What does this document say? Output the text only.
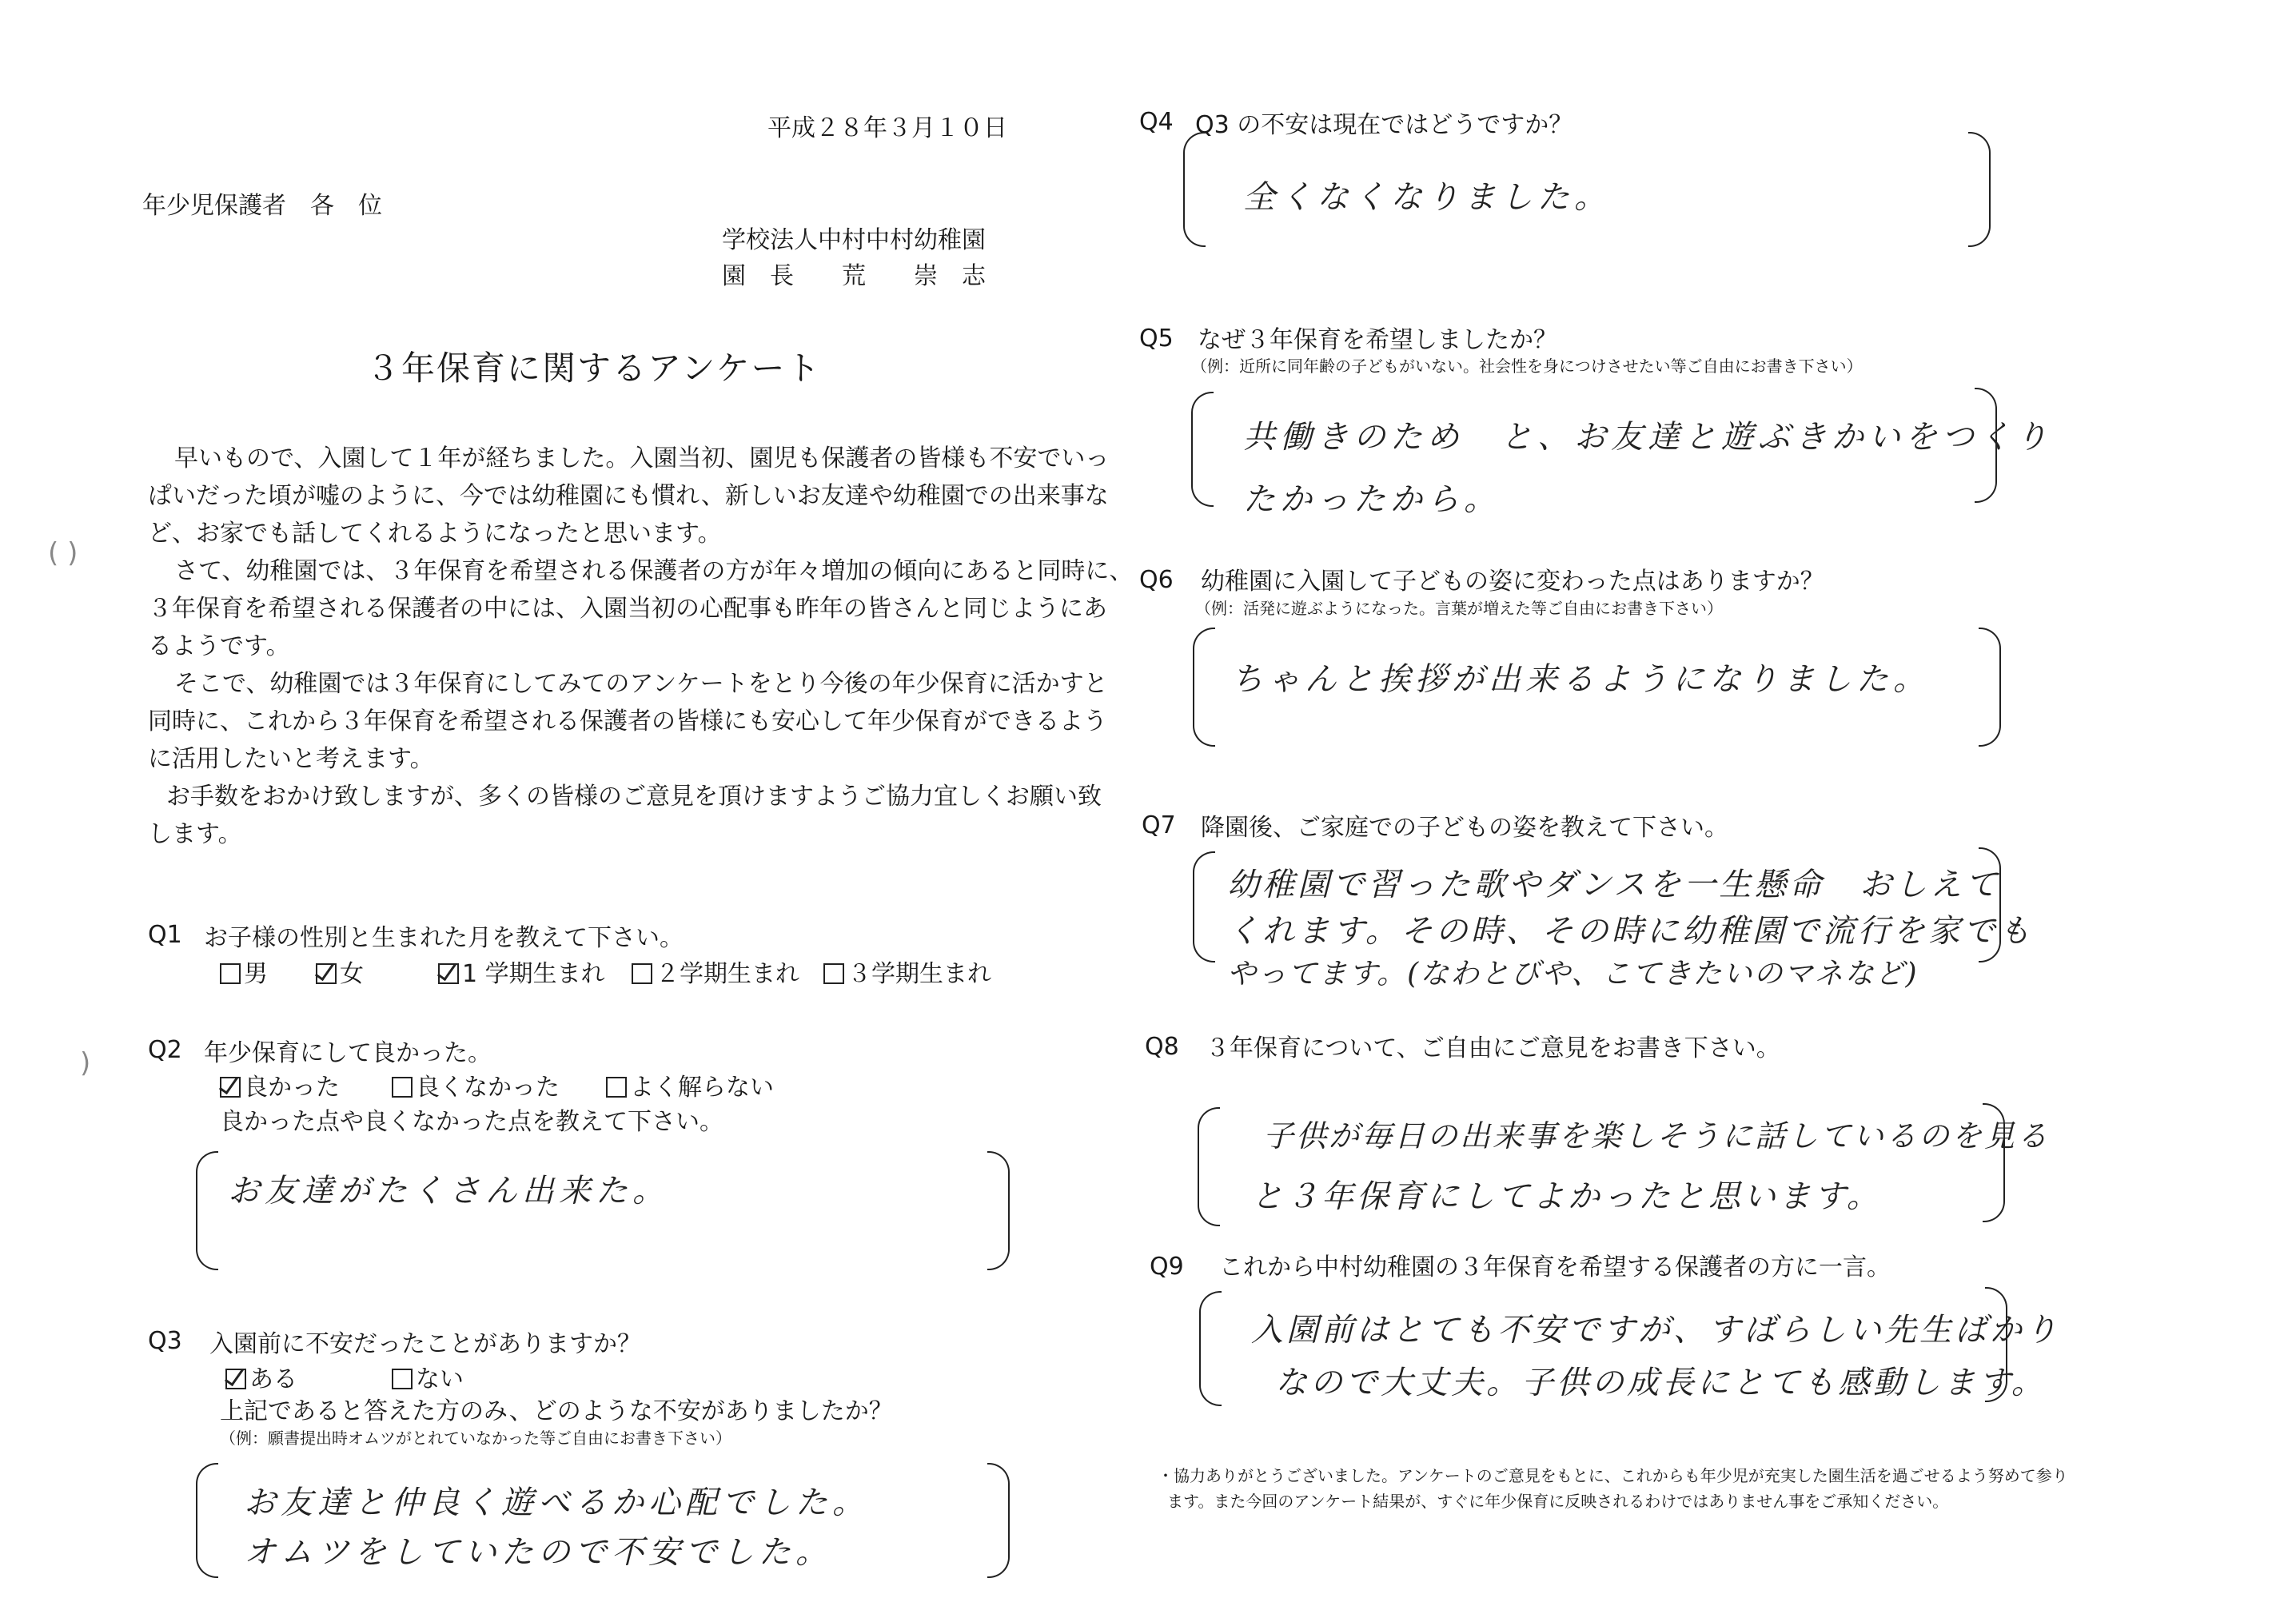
平成２８年３月１０日
年少児保護者　各　位
学校法人中村中村幼稚園
園　長　　荒　　崇　志
３年保育に関するアンケート
早いもので、入園して１年が経ちました。入園当初、園児も保護者の皆様も不安でいっ
ぱいだった頃が嘘のように、今では幼稚園にも慣れ、新しいお友達や幼稚園での出来事な
ど、お家でも話してくれるようになったと思います。
さて、幼稚園では、３年保育を希望される保護者の方が年々増加の傾向にあると同時に、
３年保育を希望される保護者の中には、入園当初の心配事も昨年の皆さんと同じようにあ
るようです。
そこで、幼稚園では３年保育にしてみてのアンケートをとり今後の年少保育に活かすと
同時に、これから３年保育を希望される保護者の皆様にも安心して年少保育ができるよう
に活用したいと考えます。
お手数をおかけ致しますが、多くの皆様のご意見を頂けますようご協力宜しくお願い致
します。
( )
)
Q1 お子様の性別と生まれた月を教えて下さい。
男	女	1 学期生まれ	２学期生まれ	３学期生まれ
Q2 年少保育にして良かった。
良かった	良くなかった	よく解らない
良かった点や良くなかった点を教えて下さい。
お友達がたくさん出来た。
Q3 入園前に不安だったことがありますか？
ある	ない
上記であると答えた方のみ、どのような不安がありましたか？
（例：願書提出時オムツがとれていなかった等ご自由にお書き下さい）
お友達と仲良く遊べるか心配でした。
オムツをしていたので不安でした。
Q4 Q3 の不安は現在ではどうですか？
全くなくなりました。
Q5 なぜ３年保育を希望しましたか？
（例：近所に同年齢の子どもがいない。社会性を身につけさせたい等ご自由にお書き下さい）
共働きのため　と、お友達と遊ぶきかいをつくり
たかったから。
Q6 幼稚園に入園して子どもの姿に変わった点はありますか？
（例：活発に遊ぶようになった。言葉が増えた等ご自由にお書き下さい）
ちゃんと挨拶が出来るようになりました。
Q7 降園後、ご家庭での子どもの姿を教えて下さい。
幼稚園で習った歌やダンスを一生懸命　おしえて
くれます。その時、その時に幼稚園で流行を家でも
やってます。(なわとびや、こてきたいのマネなど)
Q8 ３年保育について、ご自由にご意見をお書き下さい。
子供が毎日の出来事を楽しそうに話しているのを見る
と３年保育にしてよかったと思います。
Q9 これから中村幼稚園の３年保育を希望する保護者の方に一言。
入園前はとても不安ですが、すばらしい先生ばかり
なので大丈夫。子供の成長にとても感動します。
・協力ありがとうございました。アンケートのご意見をもとに、これからも年少児が充実した園生活を過ごせるよう努めて参り
ます。また今回のアンケート結果が、すぐに年少保育に反映されるわけではありません事をご承知ください。
